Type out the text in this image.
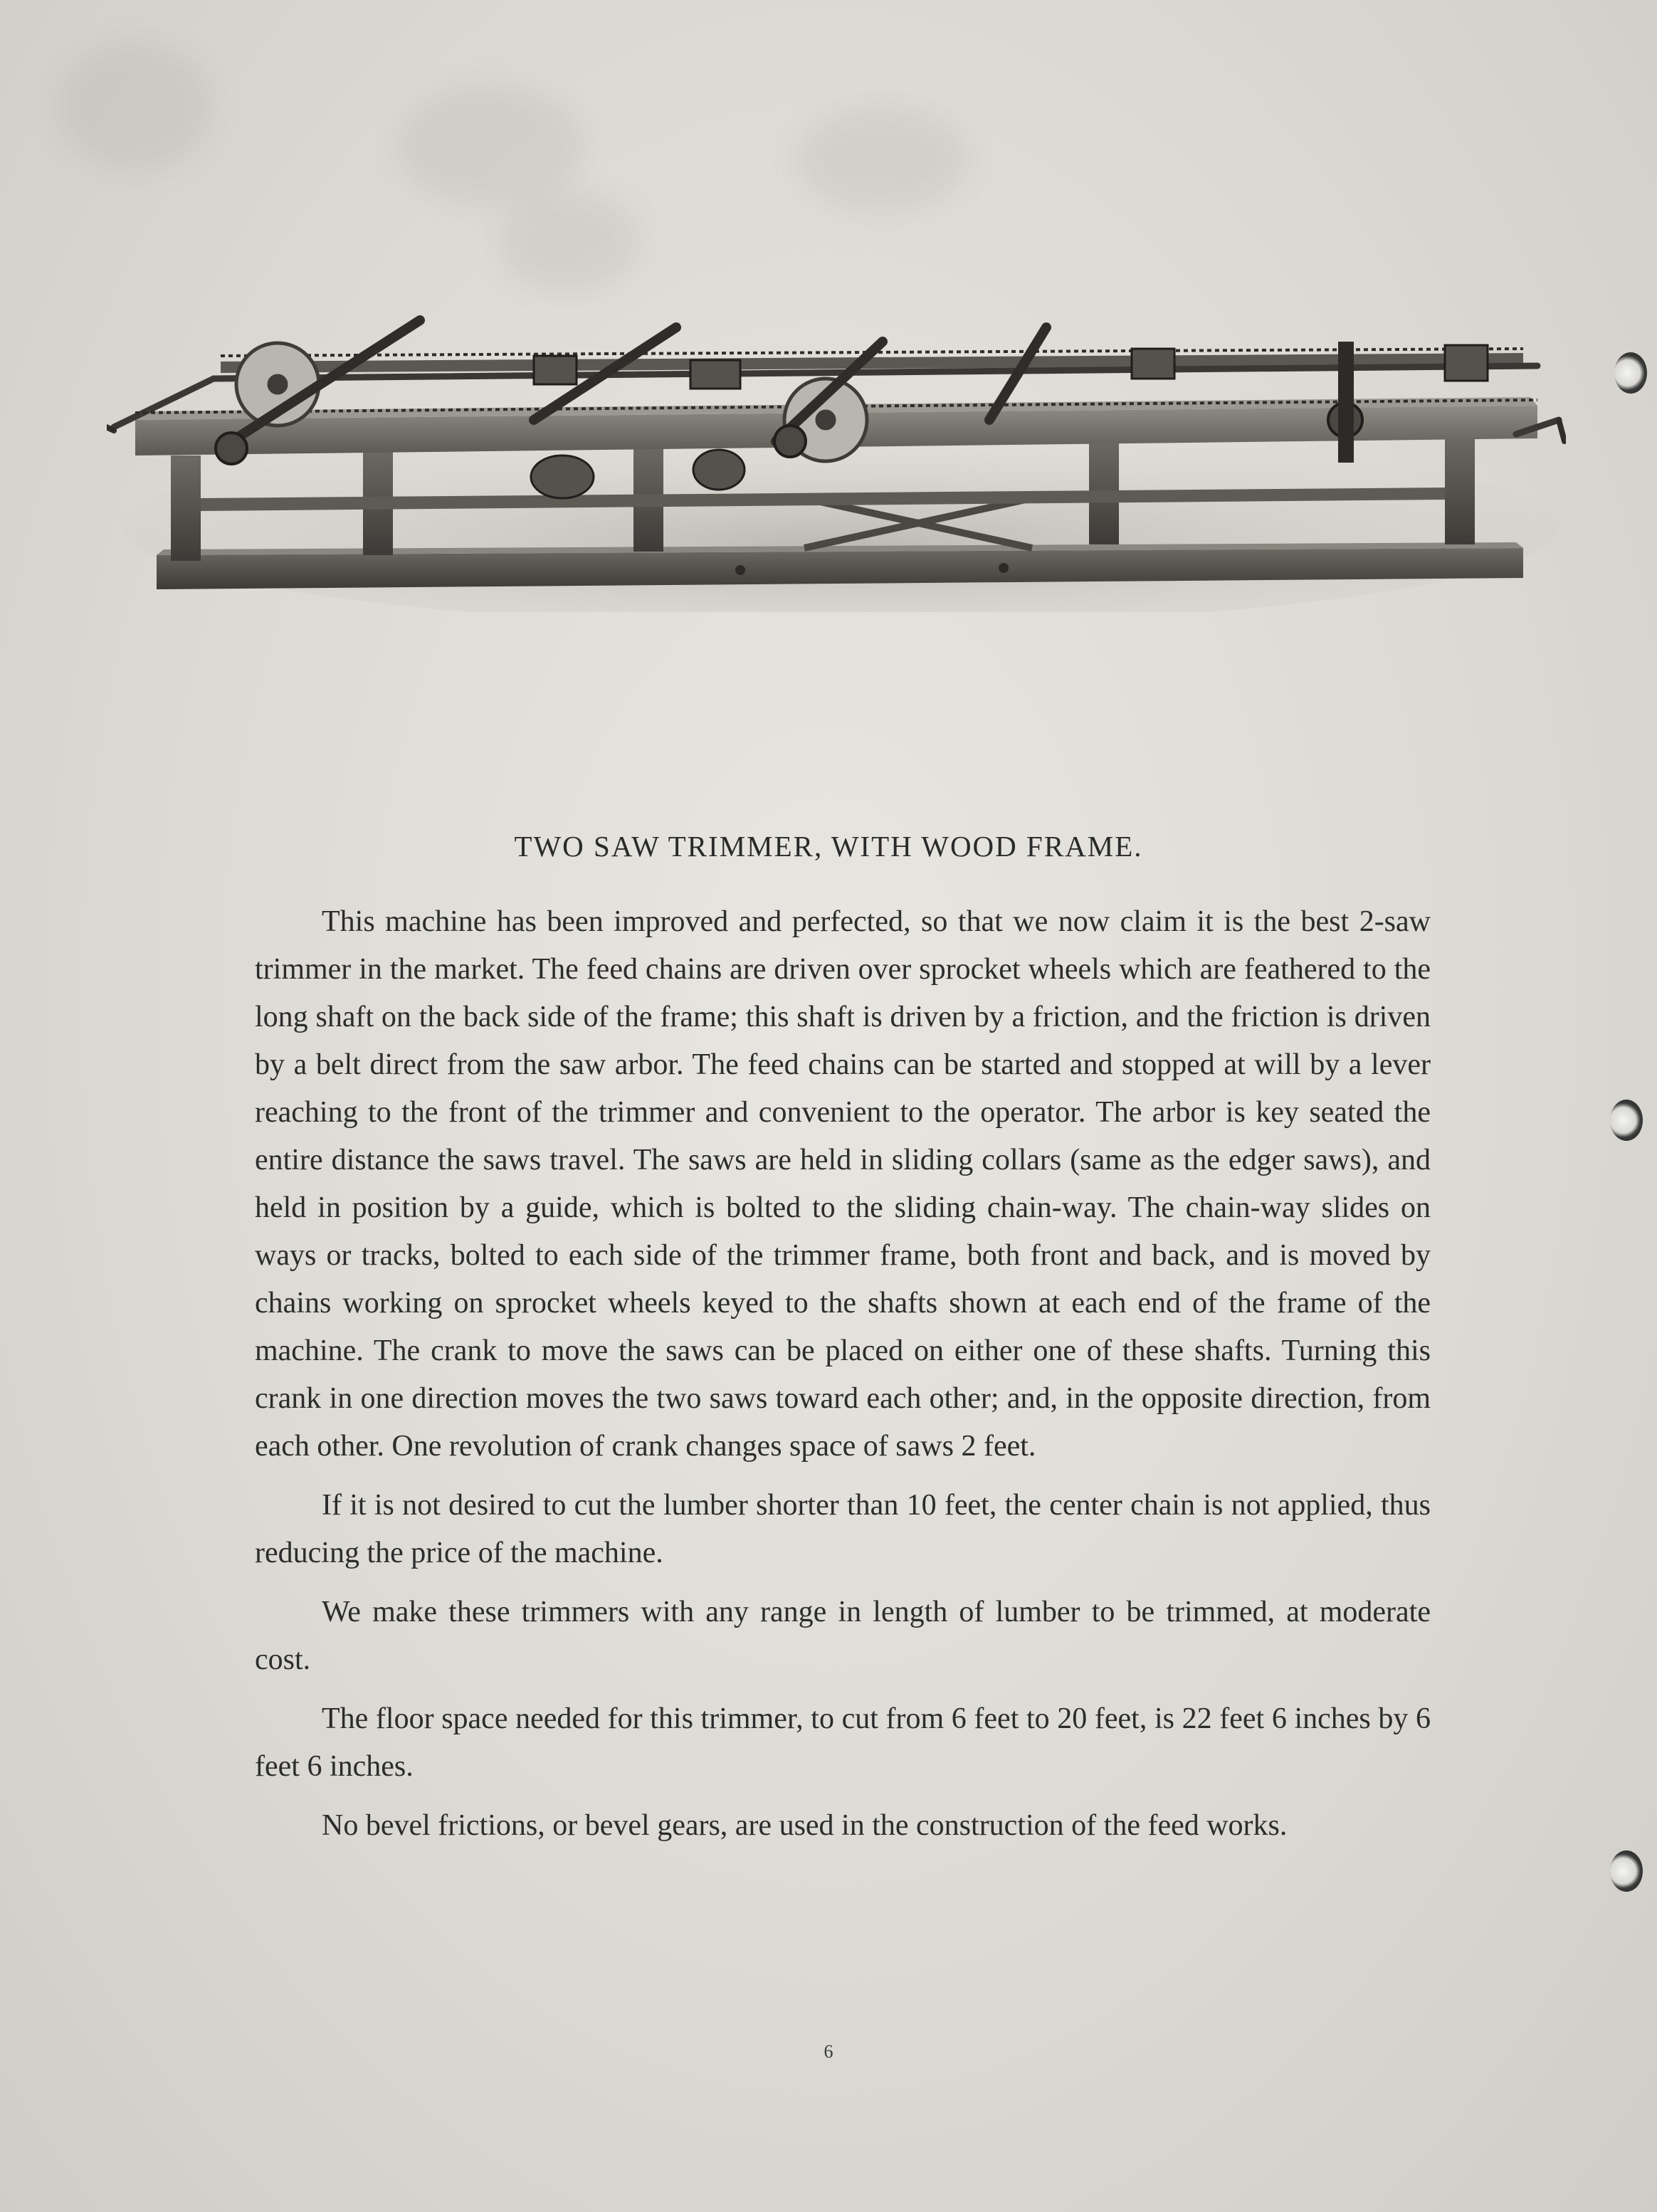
TWO SAW TRIMMER, WITH WOOD FRAME.

This machine has been improved and perfected, so that we now claim it is the best 2-saw trimmer in the market. The feed chains are driven over sprocket wheels which are feathered to the long shaft on the back side of the frame; this shaft is driven by a friction, and the friction is driven by a belt direct from the saw arbor. The feed chains can be started and stopped at will by a lever reaching to the front of the trimmer and convenient to the operator. The arbor is key seated the entire distance the saws travel. The saws are held in sliding collars (same as the edger saws), and held in position by a guide, which is bolted to the sliding chain-way. The chain-way slides on ways or tracks, bolted to each side of the trimmer frame, both front and back, and is moved by chains working on sprocket wheels keyed to the shafts shown at each end of the frame of the machine. The crank to move the saws can be placed on either one of these shafts. Turning this crank in one direction moves the two saws toward each other; and, in the opposite direction, from each other. One revolution of crank changes space of saws 2 feet.

If it is not desired to cut the lumber shorter than 10 feet, the center chain is not applied, thus reducing the price of the machine.

We make these trimmers with any range in length of lumber to be trimmed, at moderate cost.

The floor space needed for this trimmer, to cut from 6 feet to 20 feet, is 22 feet 6 inches by 6 feet 6 inches.

No bevel frictions, or bevel gears, are used in the construction of the feed works.

6
